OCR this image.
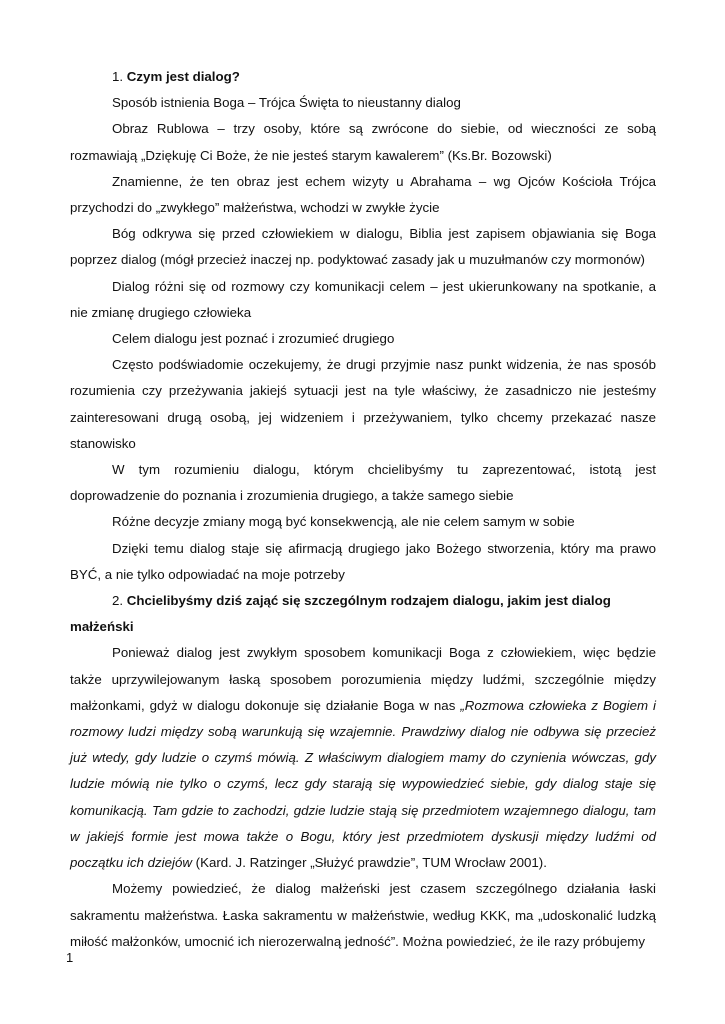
1. Czym jest dialog?

Sposób istnienia Boga – Trójca Święta to nieustanny dialog

Obraz Rublowa – trzy osoby, które są zwrócone do siebie, od wieczności ze sobą rozmawiają „Dziękuję Ci Boże, że nie jesteś starym kawalerem” (Ks.Br. Bozowski)

Znamienne, że ten obraz jest echem wizyty u Abrahama – wg Ojców Kościoła Trójca przychodzi do „zwykłego” małżeństwa, wchodzi w zwykłe życie

Bóg odkrywa się przed człowiekiem w dialogu, Biblia jest zapisem objawiania się Boga poprzez dialog (mógł przecież inaczej np. podyktować zasady jak u muzułmanów czy mormonów)

Dialog różni się od rozmowy czy komunikacji celem – jest ukierunkowany na spotkanie, a nie zmianę drugiego człowieka

Celem dialogu jest poznać i zrozumieć drugiego

Często podświadomie oczekujemy, że drugi przyjmie nasz punkt widzenia, że nas sposób rozumienia czy przeżywania jakiejś sytuacji jest na tyle właściwy, że zasadniczo nie jesteśmy zainteresowani drugą osobą, jej widzeniem i przeżywaniem, tylko chcemy przekazać nasze stanowisko

W tym rozumieniu dialogu, którym chcielibyśmy tu zaprezentować, istotą jest doprowadzenie do poznania i zrozumienia drugiego, a także samego siebie

Różne decyzje zmiany mogą być konsekwencją, ale nie celem samym w sobie

Dzięki temu dialog staje się afirmacją drugiego jako Bożego stworzenia, który ma prawo BYĆ, a nie tylko odpowiadać na moje potrzeby

2. Chcielibyśmy dziś zająć się szczególnym rodzajem dialogu, jakim jest dialog małżeński

Ponieważ dialog jest zwykłym sposobem komunikacji Boga z człowiekiem, więc będzie także uprzywilejowanym łaską sposobem porozumienia między ludźmi, szczególnie między małżonkami, gdyż w dialogu dokonuje się działanie Boga w nas „Rozmowa człowieka z Bogiem i rozmowy ludzi między sobą warunkują się wzajemnie. Prawdziwy dialog nie odbywa się przecież już wtedy, gdy ludzie o czymś mówią. Z właściwym dialogiem mamy do czynienia wówczas, gdy ludzie mówią nie tylko o czymś, lecz gdy starają się wypowiedzieć siebie, gdy dialog staje się komunikacją. Tam gdzie to zachodzi, gdzie ludzie stają się przedmiotem wzajemnego dialogu, tam w jakiejś formie jest mowa także o Bogu, który jest przedmiotem dyskusji między ludźmi od początku ich dziejów (Kard. J. Ratzinger „Służyć prawdzie”, TUM Wrocław 2001).

Możemy powiedzieć, że dialog małżeński jest czasem szczególnego działania łaski sakramentu małżeństwa. Łaska sakramentu w małżeństwie, według KKK, ma „udoskonalić ludzką miłość małżonków, umocnić ich nierozerwalną jedność”. Można powiedzieć, że ile razy próbujemy

1
